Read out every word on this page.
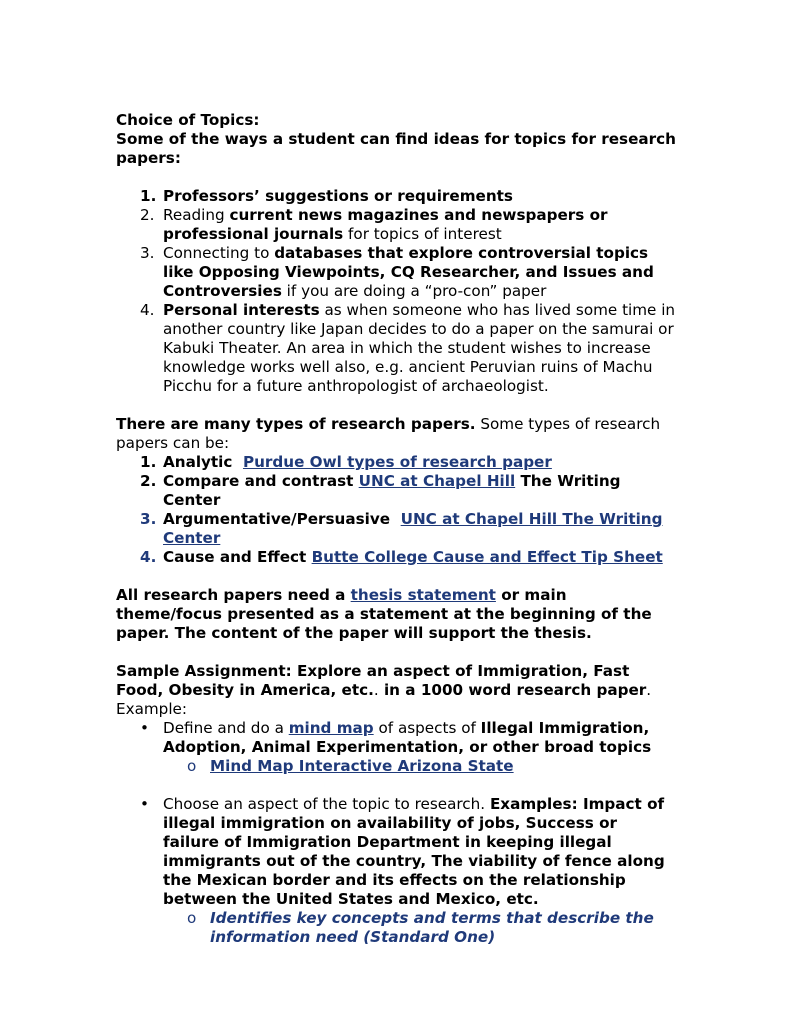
Choice of Topics:

Some of the ways a student can find ideas for topics for research papers:

1. Professors’ suggestions or requirements
2. Reading current news magazines and newspapers or professional journals for topics of interest
3. Connecting to databases that explore controversial topics like Opposing Viewpoints, CQ Researcher, and Issues and Controversies if you are doing a “pro-con” paper
4. Personal interests as when someone who has lived some time in another country like Japan decides to do a paper on the samurai or Kabuki Theater. An area in which the student wishes to increase knowledge works well also, e.g. ancient Peruvian ruins of Machu Picchu for a future anthropologist of archaeologist.

There are many types of research papers. Some types of research papers can be:

1. Analytic  Purdue Owl types of research paper
2. Compare and contrast UNC at Chapel Hill The Writing Center
3. Argumentative/Persuasive  UNC at Chapel Hill The Writing Center
4. Cause and Effect Butte College Cause and Effect Tip Sheet

All research papers need a thesis statement or main theme/focus presented as a statement at the beginning of the paper. The content of the paper will support the thesis.

Sample Assignment: Explore an aspect of Immigration, Fast Food, Obesity in America, etc.. in a 1000 word research paper.

Example:

• Define and do a mind map of aspects of Illegal Immigration, Adoption, Animal Experimentation, or other broad topics
o Mind Map Interactive Arizona State
• Choose an aspect of the topic to research. Examples: Impact of illegal immigration on availability of jobs, Success or failure of Immigration Department in keeping illegal immigrants out of the country, The viability of fence along the Mexican border and its effects on the relationship between the United States and Mexico, etc.
o Identifies key concepts and terms that describe the information need (Standard One)
